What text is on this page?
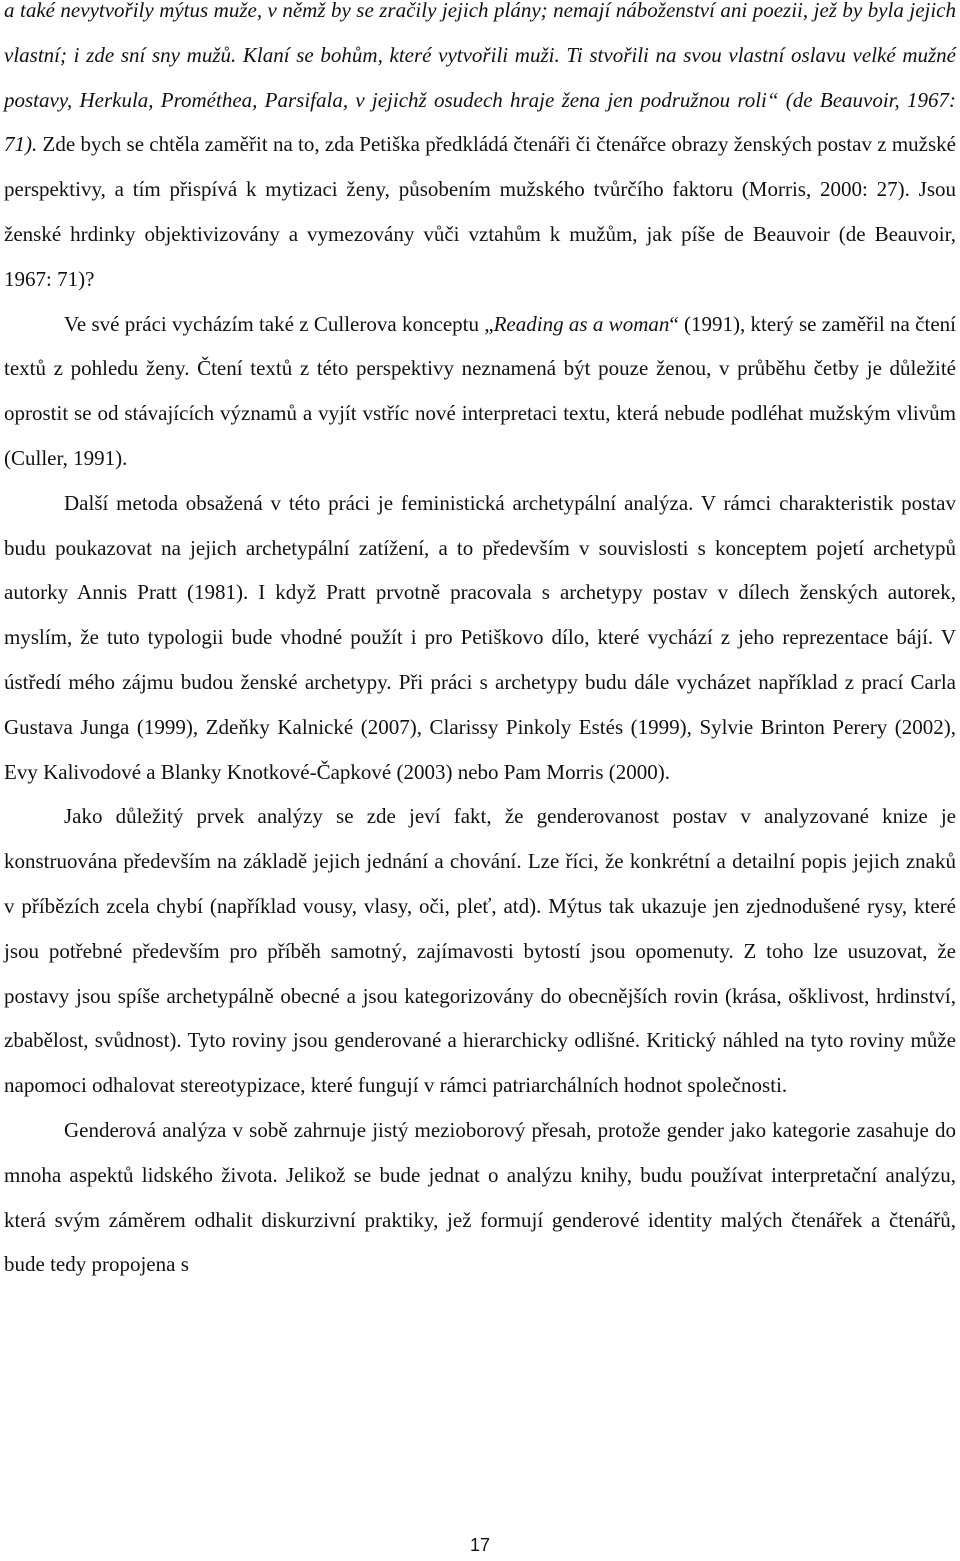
a také nevytvořily mýtus muže, v němž by se zračily jejich plány; nemají náboženství ani poezii, jež by byla jejich vlastní; i zde sní sny mužů. Klaní se bohům, které vytvořili muži. Ti stvořili na svou vlastní oslavu velké mužné postavy, Herkula, Prométhea, Parsifala, v jejichž osudech hraje žena jen podružnou roli“ (de Beauvoir, 1967: 71). Zde bych se chtěla zaměřit na to, zda Petiška předkládá čtenáři či čtenářce obrazy ženských postav z mužské perspektivy, a tím přispívá k mytizaci ženy, působením mužského tvůrčího faktoru (Morris, 2000: 27). Jsou ženské hrdinky objektivizovány a vymezovány vůči vztahům k mužům, jak píše de Beauvoir (de Beauvoir, 1967: 71)?

Ve své práci vycházím také z Cullerova konceptu „Reading as a woman“ (1991), který se zaměřil na čtení textů z pohledu ženy. Čtení textů z této perspektivy neznamená být pouze ženou, v průběhu četby je důležité oprostit se od stávajících významů a vyjít vstříc nové interpretaci textu, která nebude podléhat mužským vlivům (Culler, 1991).

Další metoda obsažená v této práci je feministická archetypální analýza. V rámci charakteristik postav budu poukazovat na jejich archetypální zatížení, a to především v souvislosti s konceptem pojetí archetypů autorky Annis Pratt (1981). I když Pratt prvotně pracovala s archetypy postav v dílech ženských autorek, myslím, že tuto typologii bude vhodné použít i pro Petiškovo dílo, které vychází z jeho reprezentace bájí. V ústředí mého zájmu budou ženské archetypy. Při práci s archetypy budu dále vycházet například z prací Carla Gustava Junga (1999), Zdeňky Kalnické (2007), Clarissy Pinkoly Estés (1999), Sylvie Brinton Perery (2002), Evy Kalivodové a Blanky Knotkové-Čapkové (2003) nebo Pam Morris (2000).

Jako důležitý prvek analýzy se zde jeví fakt, že genderovanost postav v analyzované knize je konstruována především na základě jejich jednání a chování. Lze říci, že konkrétní a detailní popis jejich znaků v příbězích zcela chybí (například vousy, vlasy, oči, pleť, atd). Mýtus tak ukazuje jen zjednodušené rysy, které jsou potřebné především pro příběh samotný, zajímavosti bytostí jsou opomenuty. Z toho lze usuzovat, že postavy jsou spíše archetypálně obecné a jsou kategorizovány do obecnějších rovin (krása, ošklivost, hrdinství, zbabělost, svůdnost). Tyto roviny jsou genderované a hierarchicky odlišné. Kritický náhled na tyto roviny může napomoci odhalovat stereotypizace, které fungují v rámci patriarchálních hodnot společnosti.

Genderová analýza v sobě zahrnuje jistý mezioborový přesah, protože gender jako kategorie zasahuje do mnoha aspektů lidského života. Jelikož se bude jednat o analýzu knihy, budu používat interpretační analýzu, která svým záměrem odhalit diskurzivní praktiky, jež formují genderové identity malých čtenářek a čtenářů, bude tedy propojena s

17
